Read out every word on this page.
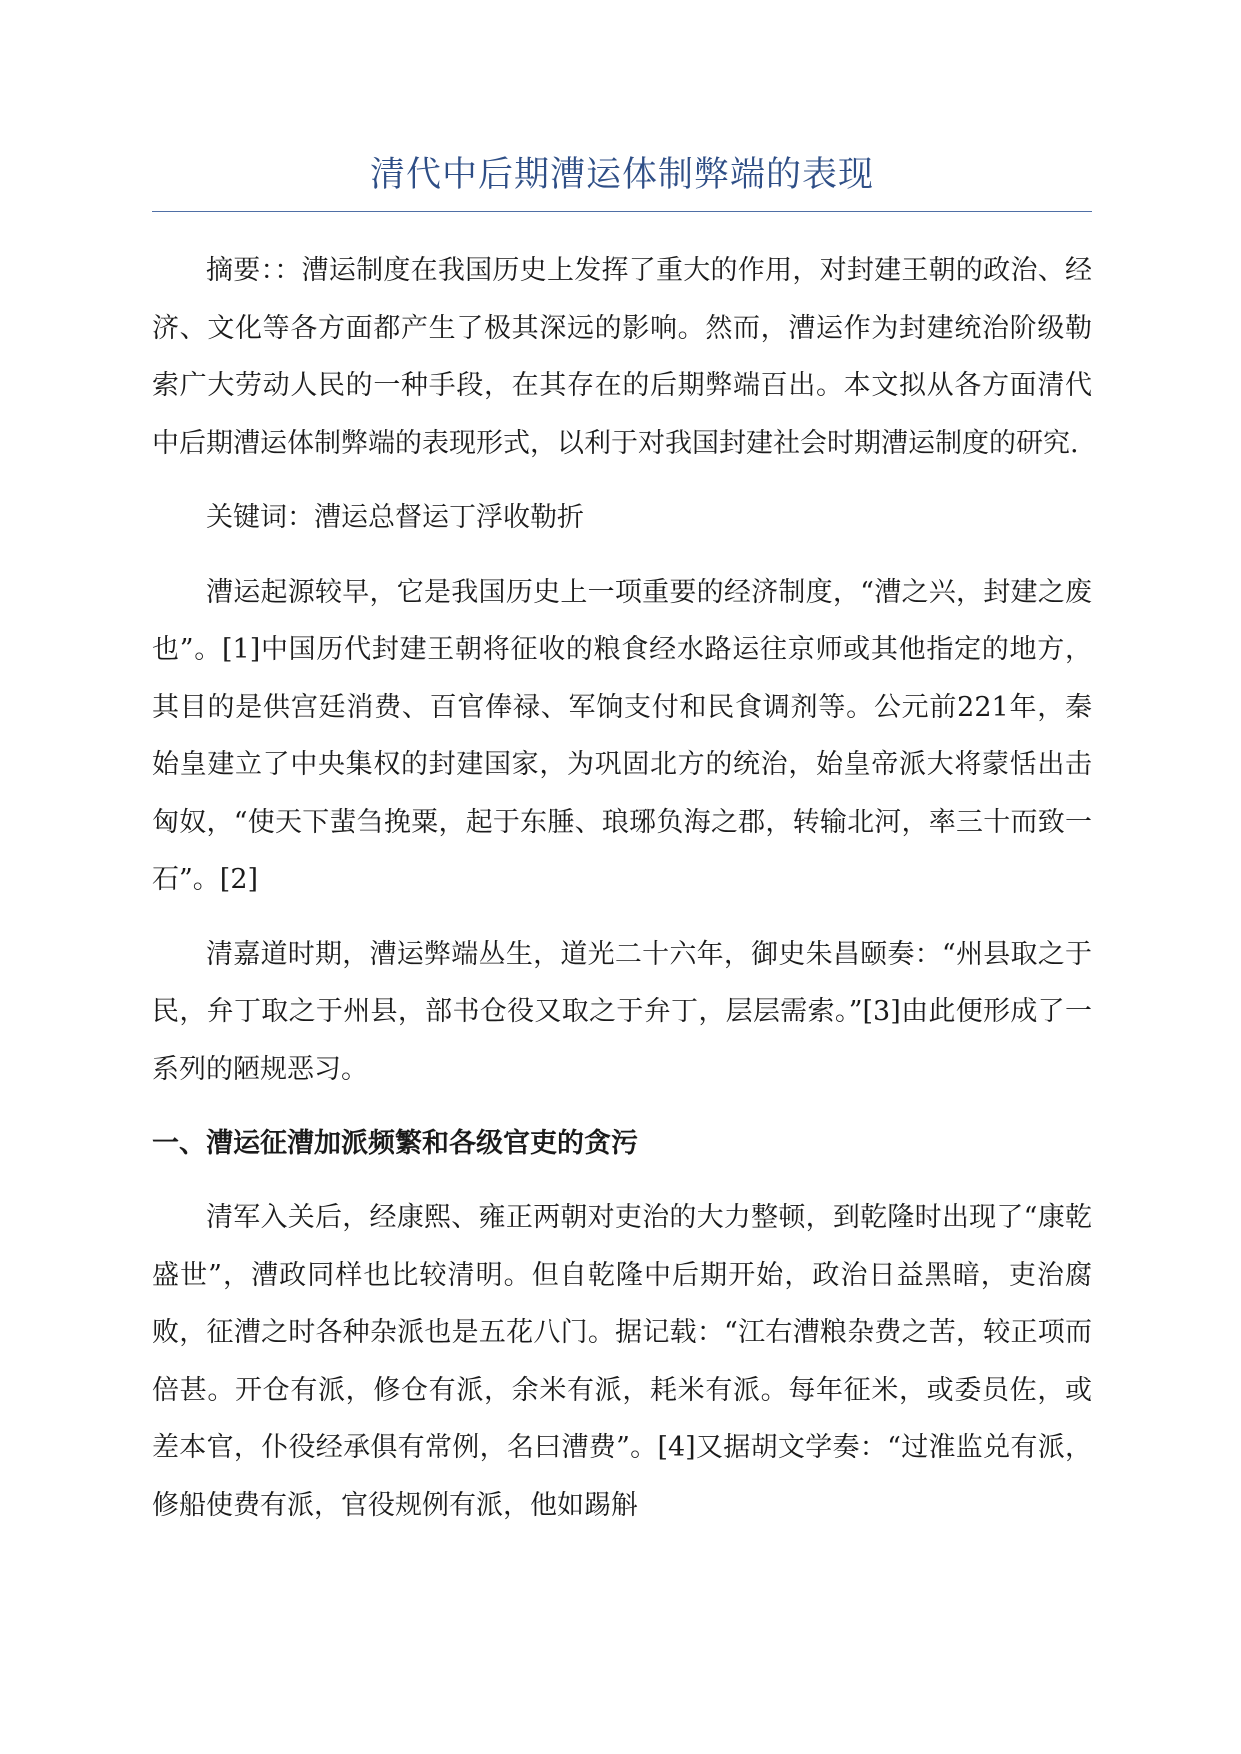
清代中后期漕运体制弊端的表现

摘要：：漕运制度在我国历史上发挥了重大的作用，对封建王朝的政治、经济、文化等各方面都产生了极其深远的影响。然而，漕运作为封建统治阶级勒索广大劳动人民的一种手段，在其存在的后期弊端百出。本文拟从各方面清代中后期漕运体制弊端的表现形式，以利于对我国封建社会时期漕运制度的研究.

关键词：漕运总督运丁浮收勒折

漕运起源较早，它是我国历史上一项重要的经济制度，“漕之兴，封建之废也”。[1]中国历代封建王朝将征收的粮食经水路运往京师或其他指定的地方，其目的是供宫廷消费、百官俸禄、军饷支付和民食调剂等。公元前221年，秦始皇建立了中央集权的封建国家，为巩固北方的统治，始皇帝派大将蒙恬出击匈奴，“使天下蜚刍挽粟，起于东腄、琅琊负海之郡，转输北河，率三十而致一石”。[2]

清嘉道时期，漕运弊端丛生，道光二十六年，御史朱昌颐奏：“州县取之于民，弁丁取之于州县，部书仓役又取之于弁丁，层层需索。”[3]由此便形成了一系列的陋规恶习。

一、漕运征漕加派频繁和各级官吏的贪污

清军入关后，经康熙、雍正两朝对吏治的大力整顿，到乾隆时出现了“康乾盛世”，漕政同样也比较清明。但自乾隆中后期开始，政治日益黑暗，吏治腐败，征漕之时各种杂派也是五花八门。据记载：“江右漕粮杂费之苦，较正项而倍甚。开仓有派，修仓有派，余米有派，耗米有派。每年征米，或委员佐，或差本官，仆役经承俱有常例，名曰漕费”。[4]又据胡文学奏：“过淮监兑有派，修船使费有派，官役规例有派，他如踢斛
